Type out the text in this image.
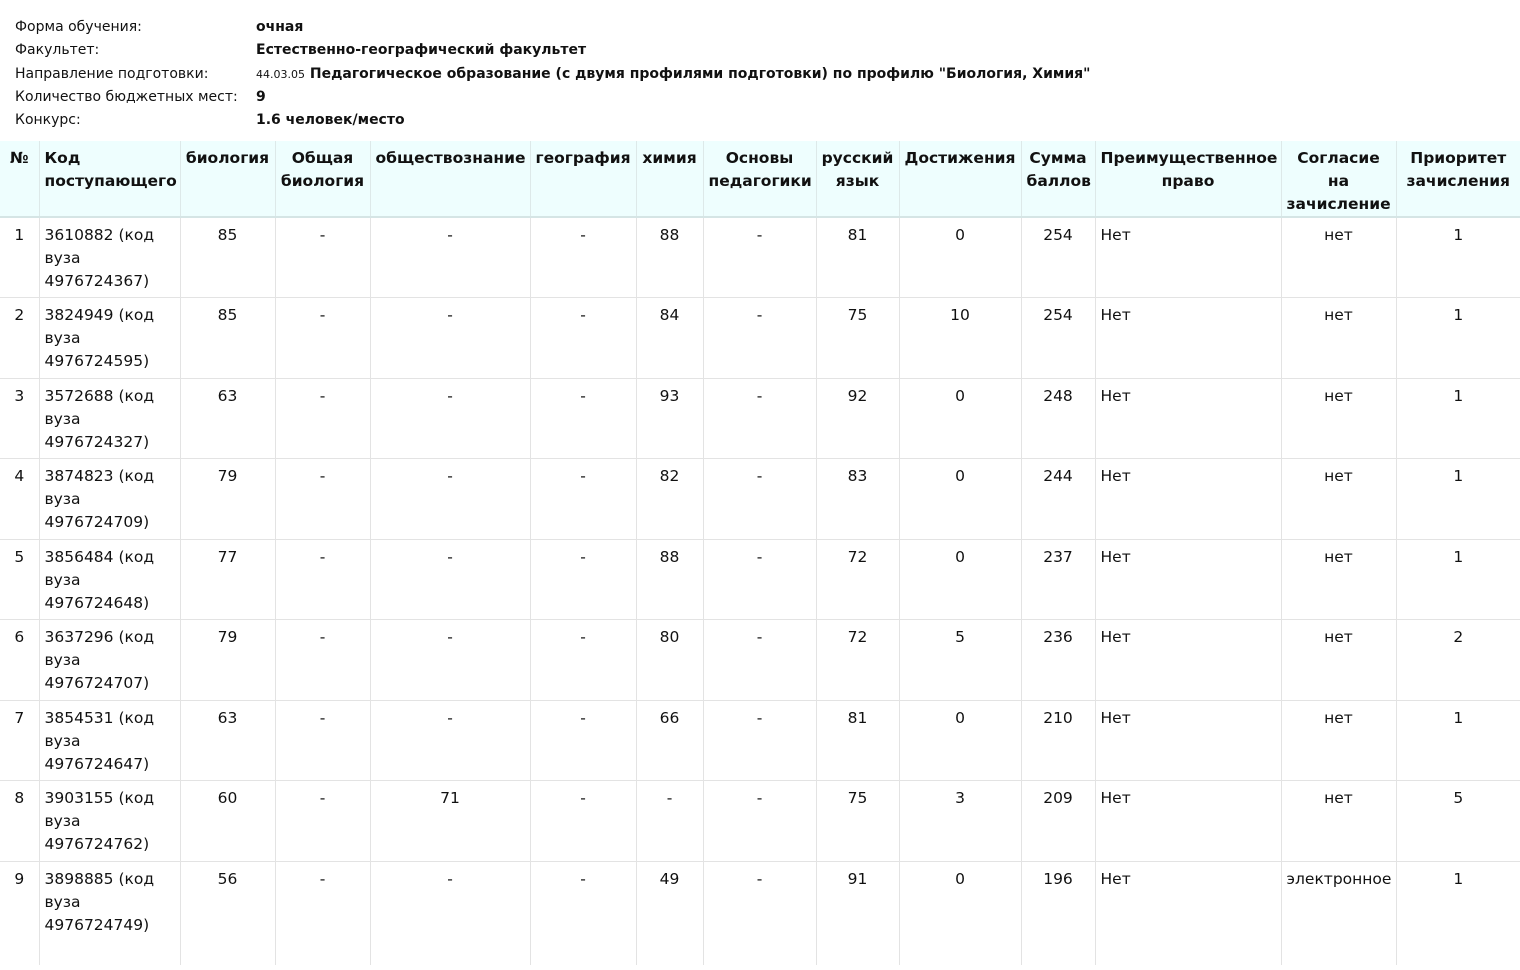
Форма обучения:	очная
Факультет:	Естественно-географический факультет
Направление подготовки:	44.03.05 Педагогическое образование (с двумя профилями подготовки) по профилю "Биология, Химия"
Количество бюджетных мест:	9
Конкурс:	1.6 человек/место
№	Код поступающего	биология	Общая биология	обществознание	география	химия	Основы педагогики	русский язык	Достижения	Сумма баллов	Преимущественное право	Согласие на зачисление	Приоритет зачисления
1	3610882 (код вуза 4976724367)	85	-	-	-	88	-	81	0	254	Нет	нет	1
2	3824949 (код вуза 4976724595)	85	-	-	-	84	-	75	10	254	Нет	нет	1
3	3572688 (код вуза 4976724327)	63	-	-	-	93	-	92	0	248	Нет	нет	1
4	3874823 (код вуза 4976724709)	79	-	-	-	82	-	83	0	244	Нет	нет	1
5	3856484 (код вуза 4976724648)	77	-	-	-	88	-	72	0	237	Нет	нет	1
6	3637296 (код вуза 4976724707)	79	-	-	-	80	-	72	5	236	Нет	нет	2
7	3854531 (код вуза 4976724647)	63	-	-	-	66	-	81	0	210	Нет	нет	1
8	3903155 (код вуза 4976724762)	60	-	71	-	-	-	75	3	209	Нет	нет	5
9	3898885 (код вуза 4976724749)	56	-	-	-	49	-	91	0	196	Нет	электронное	1
